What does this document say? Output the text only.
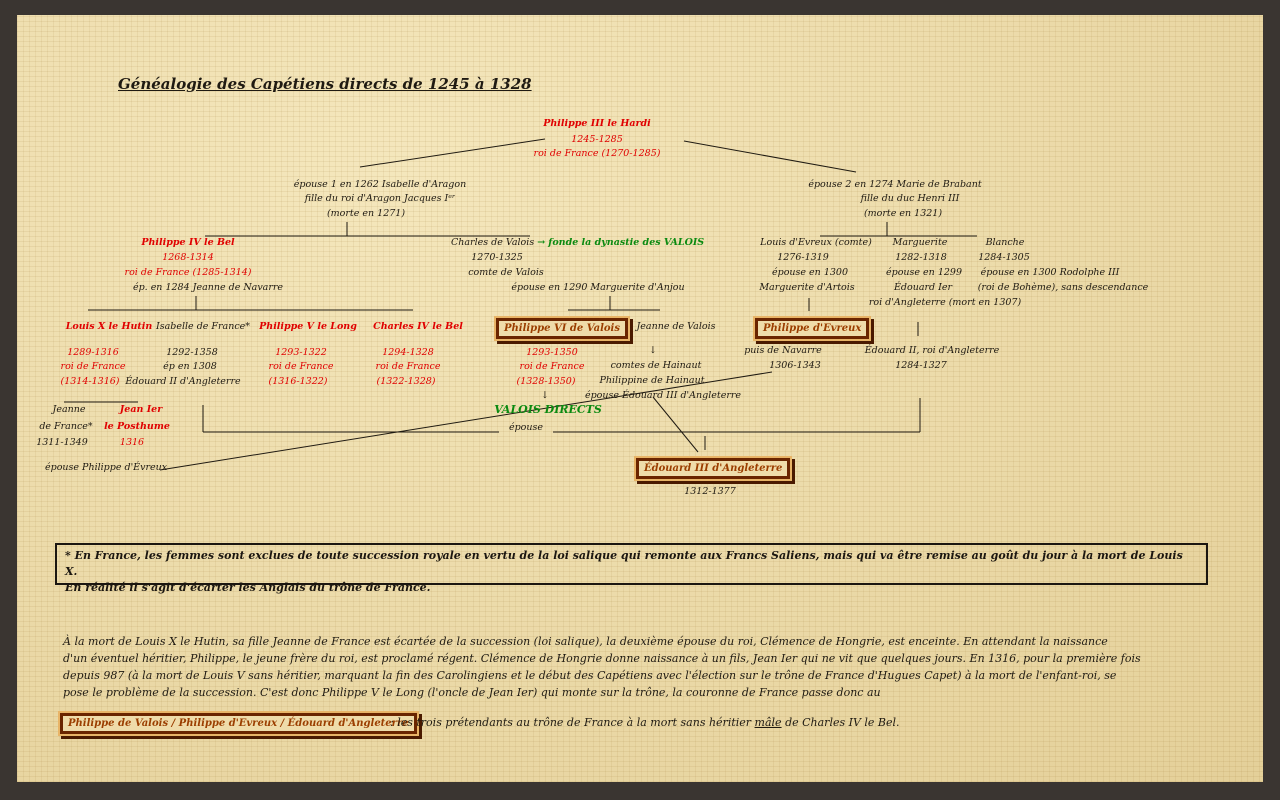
Généalogie des Capétiens directs de 1245 à 1328
Philippe III le Hardi
1245-1285
roi de France (1270-1285)
épouse 1 en 1262 Isabelle d'Aragon
fille du roi d'Aragon Jacques Iᵉʳ
(morte en 1271)
épouse 2 en 1274 Marie de Brabant
fille du duc Henri III
(morte en 1321)
Philippe IV le Bel
1268-1314
roi de France (1285-1314)
ép. en 1284 Jeanne de Navarre
Charles de Valois → fonde la dynastie des VALOIS
1270-1325
comte de Valois
épouse en 1290 Marguerite d'Anjou
Louis d'Evreux (comte)
1276-1319
épouse en 1300
Marguerite d'Artois
Marguerite
1282-1318
épouse en 1299
Édouard Ier
roi d'Angleterre (mort en 1307)
Blanche
1284-1305
épouse en 1300 Rodolphe III
(roi de Bohème), sans descendance
Louis X le Hutin
1289-1316
roi de France
(1314-1316)
Isabelle de France*
1292-1358
ép en 1308
Édouard II d'Angleterre
Philippe V le Long
1293-1322
roi de France
(1316-1322)
Charles IV le Bel
1294-1328
roi de France
(1322-1328)
Philippe VI de Valois
1293-1350
roi de France
(1328-1350)
↓
VALOIS DIRECTS
Jeanne de Valois
↓
comtes de Hainaut
Philippine de Hainaut
épouse Édouard III d'Angleterre
Philippe d'Evreux
puis de Navarre
1306-1343
Édouard II, roi d'Angleterre
1284-1327
Jeanne
de France*
1311-1349
épouse Philippe d'Évreux
Jean Ier
le Posthume
1316
épouse
Édouard III d'Angleterre
1312-1377
* En France, les femmes sont exclues de toute succession royale en vertu de la loi salique qui remonte aux Francs Saliens, mais qui va être remise au goût du jour à la mort de Louis X.
En réalité il s'agit d'écarter les Anglais du trône de France.
À la mort de Louis X le Hutin, sa fille Jeanne de France est écartée de la succession (loi salique), la deuxième épouse du roi, Clémence de Hongrie, est enceinte. En attendant la naissance
d'un éventuel héritier, Philippe, le jeune frère du roi, est proclamé régent. Clémence de Hongrie donne naissance à un fils, Jean Ier qui ne vit que quelques jours. En 1316, pour la première fois
depuis 987 (à la mort de Louis V sans héritier, marquant la fin des Carolingiens et le début des Capétiens avec l'élection sur le trône de France d'Hugues Capet) à la mort de l'enfant-roi, se
pose le problème de la succession. C'est donc Philippe V le Long (l'oncle de Jean Ier) qui monte sur la trône, la couronne de France passe donc au
Philippe de Valois / Philippe d'Evreux / Édouard d'Angleterre
: les trois prétendants au trône de France à la mort sans héritier mâle de Charles IV le Bel.
